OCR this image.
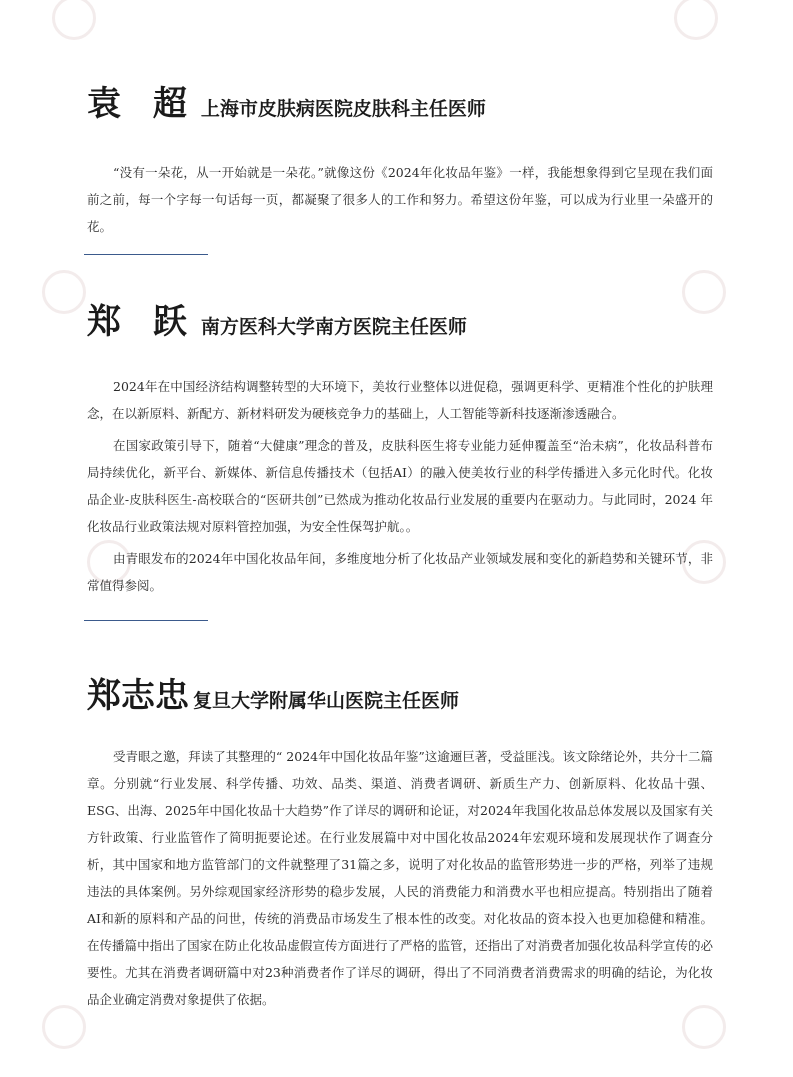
袁 超 上海市皮肤病医院皮肤科主任医师

“没有一朵花，从一开始就是一朵花。”就像这份《2024年化妆品年鉴》一样，我能想象得到它呈现在我们面前之前，每一个字每一句话每一页，都凝聚了很多人的工作和努力。希望这份年鉴，可以成为行业里一朵盛开的花。

郑 跃 南方医科大学南方医院主任医师

2024年在中国经济结构调整转型的大环境下，美妆行业整体以进促稳，强调更科学、更精准个性化的护肤理念，在以新原料、新配方、新材料研发为硬核竞争力的基础上，人工智能等新科技逐渐渗透融合。

在国家政策引导下，随着“大健康”理念的普及，皮肤科医生将专业能力延伸覆盖至“治未病”，化妆品科普布局持续优化，新平台、新媒体、新信息传播技术（包括AI）的融入使美妆行业的科学传播进入多元化时代。化妆品企业-皮肤科医生-高校联合的“医研共创”已然成为推动化妆品行业发展的重要内在驱动力。与此同时，2024 年化妆品行业政策法规对原料管控加强，为安全性保驾护航。。

由青眼发布的2024年中国化妆品年间，多维度地分析了化妆品产业领域发展和变化的新趋势和关键环节，非常值得参阅。

郑志忠 复旦大学附属华山医院主任医师

受青眼之邀，拜读了其整理的“ 2024年中国化妆品年鉴”这逾逦巨著，受益匪浅。该文除绪论外，共分十二篇章。分别就“行业发展、科学传播、功效、品类、渠道、消费者调研、新质生产力、创新原料、化妆品十强、ESG、出海、2025年中国化妆品十大趋势”作了详尽的调研和论证，对2024年我国化妆品总体发展以及国家有关方针政策、行业监管作了简明扼要论述。在行业发展篇中对中国化妆品2024年宏观环境和发展现状作了调查分析，其中国家和地方监管部门的文件就整理了31篇之多，说明了对化妆品的监管形势进一步的严格，列举了违规违法的具体案例。另外综观国家经济形势的稳步发展，人民的消费能力和消费水平也相应提高。特别指出了随着AI和新的原料和产品的问世，传统的消费品市场发生了根本性的改变。对化妆品的资本投入也更加稳健和精准。在传播篇中指出了国家在防止化妆品虚假宣传方面进行了严格的监管，还指出了对消费者加强化妆品科学宣传的必要性。尤其在消费者调研篇中对23种消费者作了详尽的调研，得出了不同消费者消费需求的明确的结论，为化妆品企业确定消费对象提供了依据。
